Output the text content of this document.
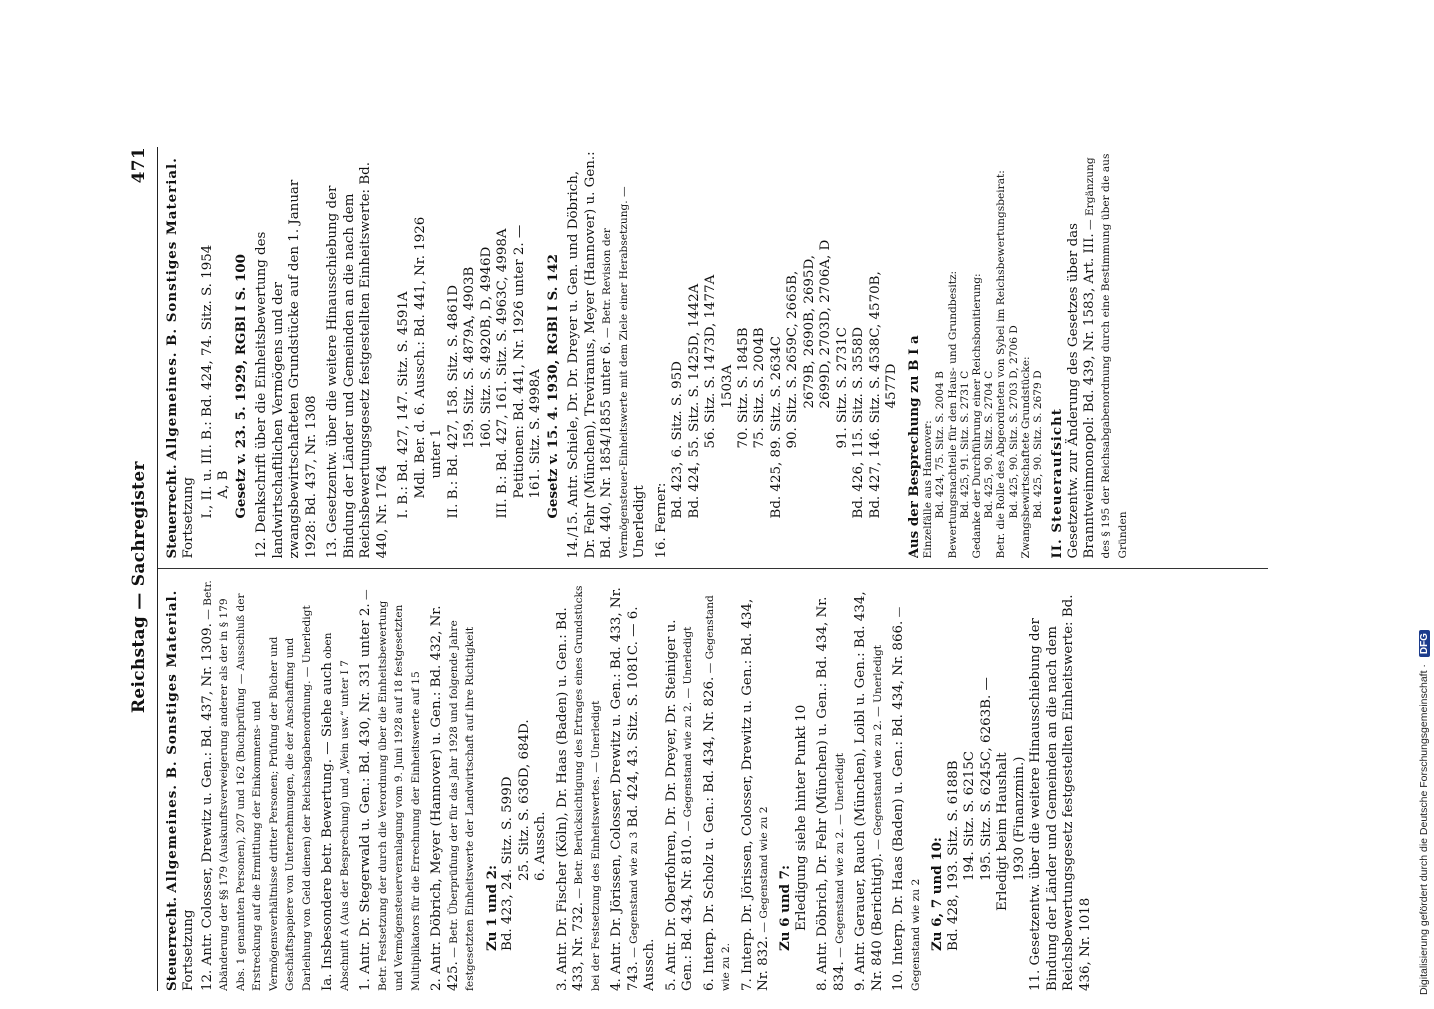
Reichstag — Sachregister
471
Steuerrecht. Allgemeines. B. Sonstiges Material.
Fortsetzung 12. Antr. Colosser, Drewitz u. Gen.: Bd. 437, Nr. 1309. — Betr. Abänderung der §§ 179 (Auskunftsverweigerung anderer als der in § 179 Abs. 1 genannten Personen), 207 und 162 (Buchprüfung — Ausschluß der Erstreckung auf die Ermittlung der Einkommens- und Vermögensverhältnisse dritter Personen; Prüfung der Bücher und Geschäftspapiere von Unternehmungen, die der Anschaffung und Darleihung von Geld dienen) der Reichsabgabenordnung. — Unerledigt Ia. Insbesondere betr. Bewertung. — Siehe auch oben Abschnitt A (Aus der Besprechung) und „Wein usw.“ unter I 7 1. Antr. Dr. Stegerwald u. Gen.: Bd. 430, Nr. 331 unter 2. — Betr. Festsetzung der durch die Verordnung über die Einheitsbewertung und Vermögensteuerveranlagung vom 9. Juni 1928 auf 18 festgesetzten Multiplikators für die Errechnung der Einheitswerte auf 15 2. Antr. Döbrich, Meyer (Hannover) u. Gen.: Bd. 432, Nr. 425. — Betr. Überprüfung der für das Jahr 1928 und folgende Jahre festgesetzten Einheitswerte der Landwirtschaft auf ihre Richtigkeit Zu 1 und 2: Bd. 423, 24. Sitz. S. 599D 25. Sitz. S. 636D, 684D. 6. Aussch. 3. Antr. Dr. Fischer (Köln), Dr. Haas (Baden) u. Gen.: Bd. 433, Nr. 732. — Betr. Berücksichtigung des Ertrages eines Grundstücks bei der Festsetzung des Einheitswertes. — Unerledigt 4. Antr. Dr. Jörissen, Colosser, Drewitz u. Gen.: Bd. 433, Nr. 743. — Gegenstand wie zu 3 Bd. 424, 43. Sitz. S. 1081C. — 6. Aussch. 5. Antr. Dr. Oberfohren, Dr. Dr. Dreyer, Dr. Steiniger u. Gen.: Bd. 434, Nr. 810. — Gegenstand wie zu 2. — Unerledigt 6. Interp. Dr. Scholz u. Gen.: Bd. 434, Nr. 826. — Gegenstand wie zu 2. 7. Interp. Dr. Jörissen, Colosser, Drewitz u. Gen.: Bd. 434, Nr. 832. — Gegenstand wie zu 2 Zu 6 und 7: Erledigung siehe hinter Punkt 10 8. Antr. Döbrich, Dr. Fehr (München) u. Gen.: Bd. 434, Nr. 834. — Gegenstand wie zu 2. — Unerledigt 9. Antr. Gerauer, Rauch (München), Loibl u. Gen.: Bd. 434, Nr. 840 (Berichtigt). — Gegenstand wie zu 2. — Unerledigt 10. Interp. Dr. Haas (Baden) u. Gen.: Bd. 434, Nr. 866. — Gegenstand wie zu 2 Zu 6, 7 und 10: Bd. 428, 193. Sitz. S. 6188B 194. Sitz. S. 6215C 195. Sitz. S. 6245C, 6263B. — Erledigt beim Haushalt 1930 (Finanzmin.) 11. Gesetzentw. über die weitere Hinausschiebung der Bindung der Länder und Gemeinden an die nach dem Reichsbewertungsgesetz festgestellten Einheitswerte: Bd. 436, Nr. 1018
Steuerrecht. Allgemeines. B. Sonstiges Material.
Fortsetzung I., II. u. III. B.: Bd. 424, 74. Sitz. S. 1954 A, B Gesetz v. 23. 5. 1929, RGBl I S. 100 12. Denkschrift über die Einheitsbewertung des landwirtschaftlichen Vermögens und der zwangsbewirtschafteten Grundstücke auf den 1. Januar 1928: Bd. 437, Nr. 1308 13. Gesetzentw. über die weitere Hinausschiebung der Bindung der Länder und Gemeinden an die nach dem Reichsbewertungsgesetz festgestellten Einheitswerte: Bd. 440, Nr. 1764 I. B.: Bd. 427, 147. Sitz. S. 4591A Mdl. Ber. d. 6. Aussch.: Bd. 441, Nr. 1926 unter 1 II. B.: Bd. 427, 158. Sitz. S. 4861D 159. Sitz. S. 4879A, 4903B 160. Sitz. S. 4920B, D, 4946D III. B.: Bd. 427, 161. Sitz. S. 4963C, 4998A Petitionen: Bd. 441, Nr. 1926 unter 2. — 161. Sitz. S. 4998A Gesetz v. 15. 4. 1930, RGBl I S. 142 14./15. Antr. Schiele, Dr. Dr. Dreyer u. Gen. und Döbrich, Dr. Fehr (München), Treviranus, Meyer (Hannover) u. Gen.: Bd. 440, Nr. 1854/1855 unter 6. — Betr. Revision der Vermögensteuer-Einheitswerte mit dem Ziele einer Herabsetzung. — Unerledigt 16. Ferner:
Bd. 423, 6. Sitz. S. 95D Bd. 424, 55. Sitz. S. 1425D, 1442A 56. Sitz. S. 1473D, 1477A 1503A 70. Sitz. S. 1845B 75. Sitz. S. 2004B Bd. 425, 89. Sitz. S. 2634C 90. Sitz. S. 2659C, 2665B, 2679B, 2690B, 2695D, 2699D, 2703D, 2706A, D 91. Sitz. S. 2731C Bd. 426, 115. Sitz. S. 3558D Bd. 427, 146. Sitz. S. 4538C, 4570B, 4577D Aus der Besprechung zu B I a Einzelfälle aus Hannover: Bd. 424, 75. Sitz. S. 2004 B Bewertungsnachteile für den Haus- und Grundbesitz: Bd. 425, 91. Sitz. S. 2731 C Gedanke der Durchführung einer Reichsbonitierung: Bd. 425, 90. Sitz. S. 2704 C Betr. die Rolle des Abgeordneten von Sybel im Reichsbewertungsbeirat: Bd. 425, 90. Sitz. S. 2703 D, 2706 D Zwangsbewirtschaftete Grundstücke: Bd. 425, 90. Sitz. S. 2679 D II. Steueraufsicht Gesetzentw. zur Änderung des Gesetzes über das Branntweinmonopol: Bd. 439, Nr. 1583, Art. III. — Ergänzung des § 195 der Reichsabgabenordnung durch eine Bestimmung über die aus Gründen
Digitalisierung gefördert durch die Deutsche Forschungsgemeinschaft · DFG
